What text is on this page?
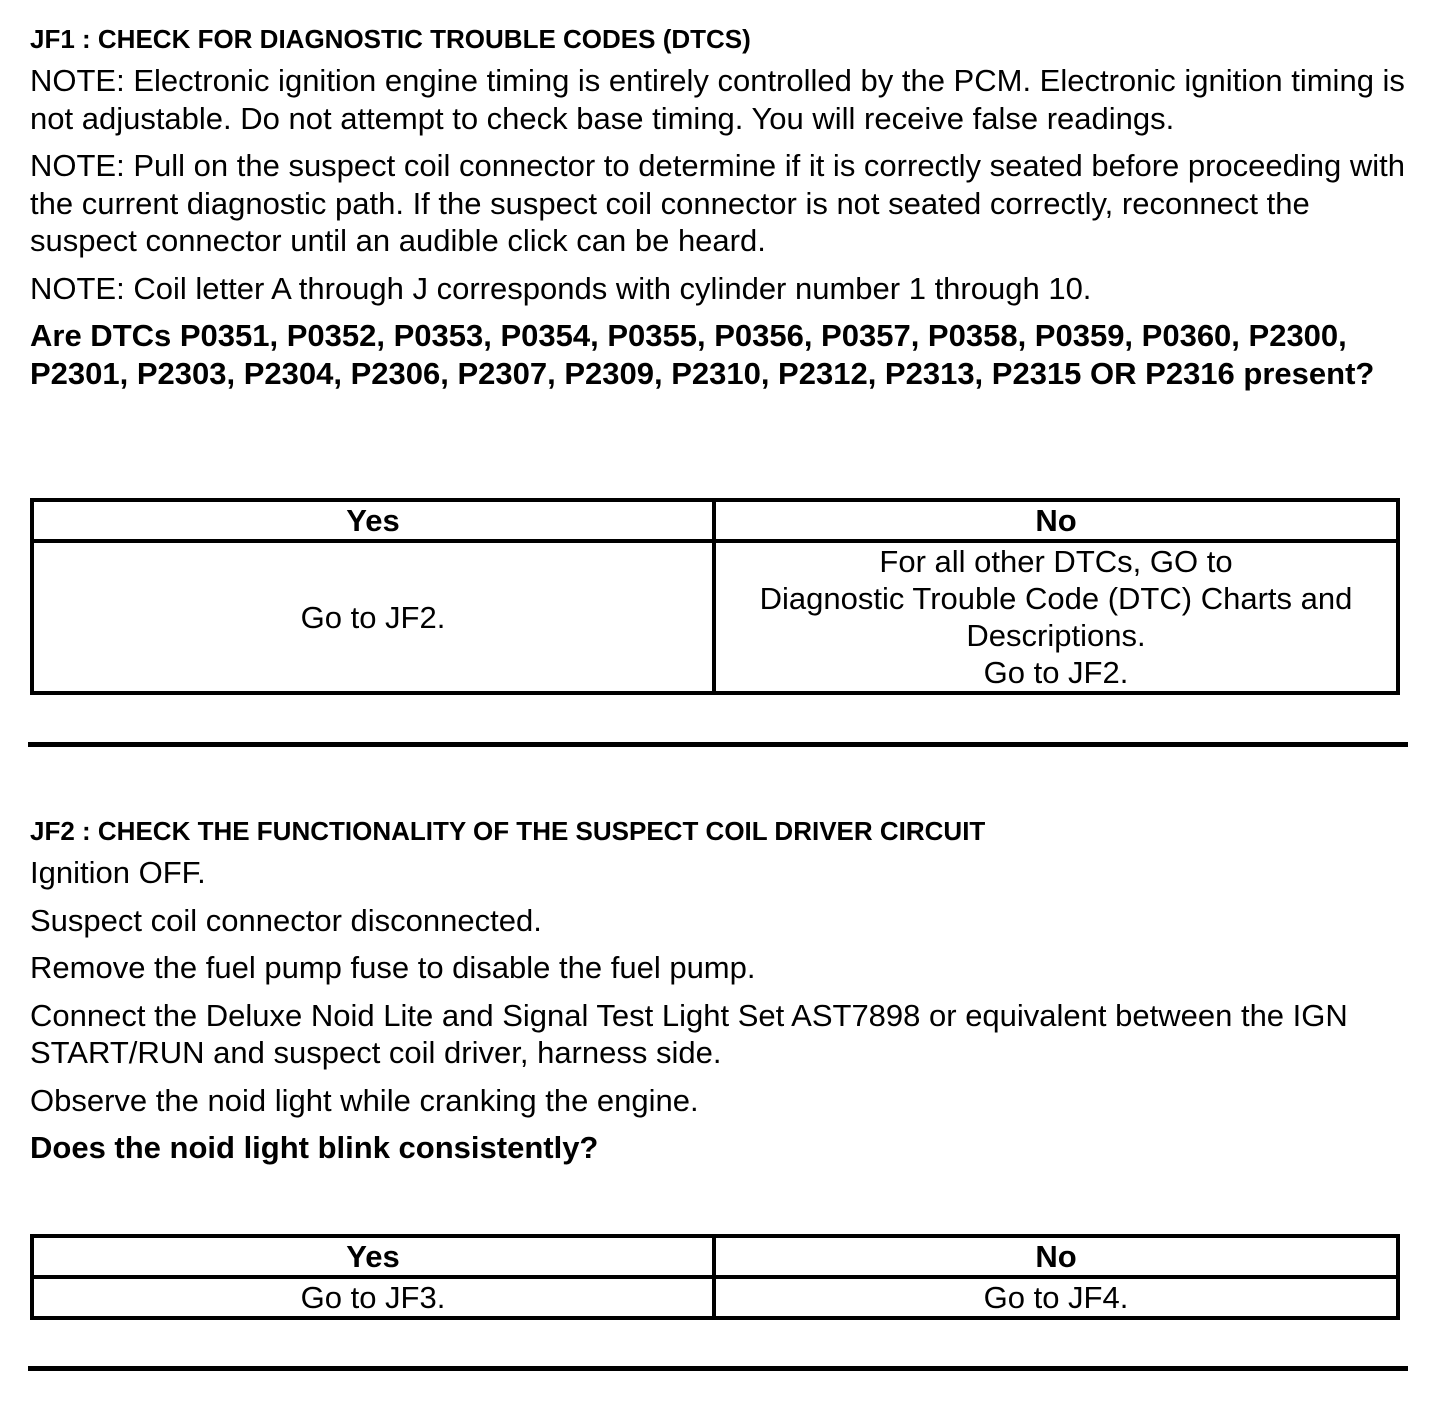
JF1 : CHECK FOR DIAGNOSTIC TROUBLE CODES (DTCS)

NOTE: Electronic ignition engine timing is entirely controlled by the PCM. Electronic ignition timing is not adjustable. Do not attempt to check base timing. You will receive false readings.

NOTE: Pull on the suspect coil connector to determine if it is correctly seated before proceeding with the current diagnostic path. If the suspect coil connector is not seated correctly, reconnect the suspect connector until an audible click can be heard.

NOTE: Coil letter A through J corresponds with cylinder number 1 through 10.

Are DTCs P0351, P0352, P0353, P0354, P0355, P0356, P0357, P0358, P0359, P0360, P2300, P2301, P2303, P2304, P2306, P2307, P2309, P2310, P2312, P2313, P2315 OR P2316 present?

Yes	No
Go to JF2.	For all other DTCs, GO to
Diagnostic Trouble Code (DTC) Charts and
Descriptions.
Go to JF2.
JF2 : CHECK THE FUNCTIONALITY OF THE SUSPECT COIL DRIVER CIRCUIT

Ignition OFF.

Suspect coil connector disconnected.

Remove the fuel pump fuse to disable the fuel pump.

Connect the Deluxe Noid Lite and Signal Test Light Set AST7898 or equivalent between the IGN START/RUN and suspect coil driver, harness side.

Observe the noid light while cranking the engine.

Does the noid light blink consistently?

Yes	No
Go to JF3.	Go to JF4.
